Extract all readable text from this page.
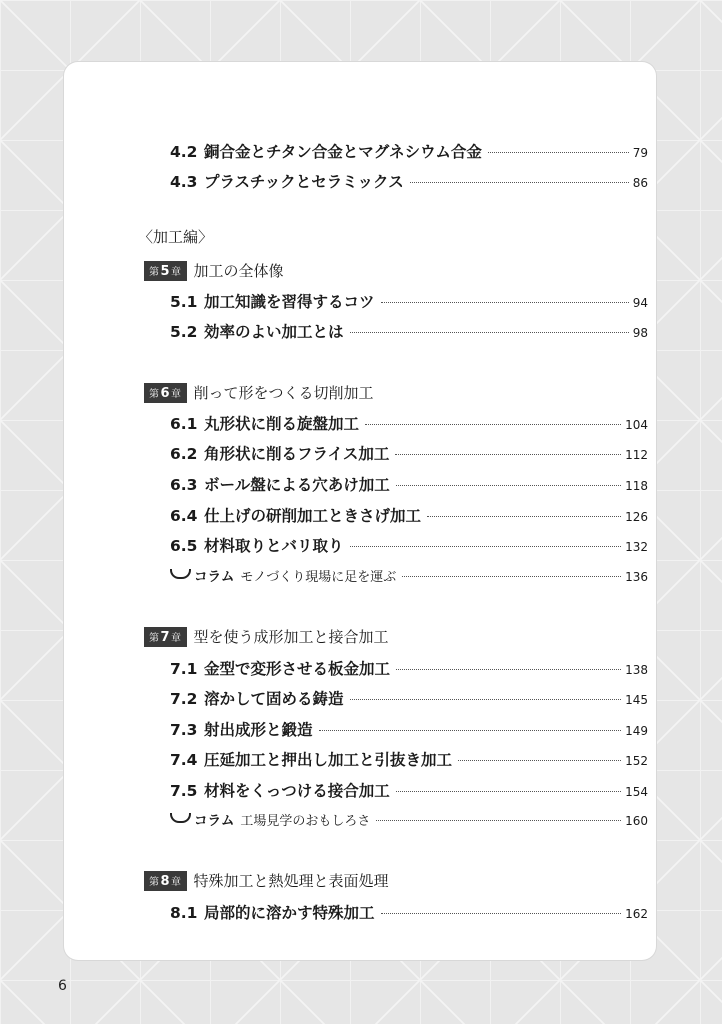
4.2 銅合金とチタン合金とマグネシウム合金	79
4.3 プラスチックとセラミックス	86
〈加工編〉
第5章 加工の全体像
5.1 加工知識を習得するコツ	94
5.2 効率のよい加工とは	98
第6章 削って形をつくる切削加工
6.1 丸形状に削る旋盤加工	104
6.2 角形状に削るフライス加工	112
6.3 ボール盤による穴あけ加工	118
6.4 仕上げの研削加工ときさげ加工	126
6.5 材料取りとバリ取り	132
コラム モノづくり現場に足を運ぶ	136
第7章 型を使う成形加工と接合加工
7.1 金型で変形させる板金加工	138
7.2 溶かして固める鋳造	145
7.3 射出成形と鍛造	149
7.4 圧延加工と押出し加工と引抜き加工	152
7.5 材料をくっつける接合加工	154
コラム 工場見学のおもしろさ	160
第8章 特殊加工と熱処理と表面処理
8.1 局部的に溶かす特殊加工	162
6
